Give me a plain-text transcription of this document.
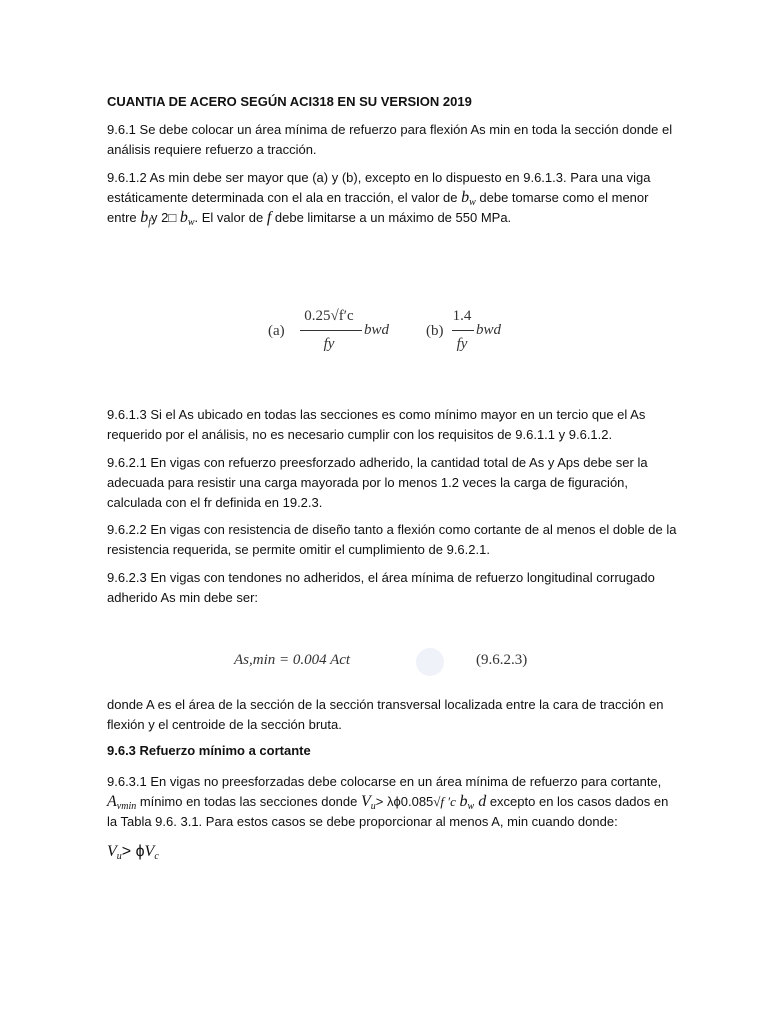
CUANTIA DE ACERO SEGÚN ACI318 EN SU VERSION 2019

9.6.1 Se debe colocar un área mínima de refuerzo para flexión As min en toda la sección donde el análisis requiere refuerzo a tracción.

9.6.1.2 As min debe ser mayor que (a) y (b), excepto en lo dispuesto en 9.6.1.3. Para una viga estáticamente determinada con el ala en tracción, el valor de $b_w$ debe tomarse como el menor entre $b_fy$ 2□ $b_w$. El valor de f debe limitarse a un máximo de 550 MPa.

(a)
0.25√f′c
fy
bwd (b)
1.4
fy
bwd

9.6.1.3 Si el As ubicado en todas las secciones es como mínimo mayor en un tercio que el As requerido por el análisis, no es necesario cumplir con los requisitos de 9.6.1.1 y 9.6.1.2.

9.6.2.1 En vigas con refuerzo preesforzado adherido, la cantidad total de As y Aps debe ser la adecuada para resistir una carga mayorada por lo menos 1.2 veces la carga de figuración, calculada con el fr definida en 19.2.3.

9.6.2.2 En vigas con resistencia de diseño tanto a flexión como cortante de al menos el doble de la resistencia requerida, se permite omitir el cumplimiento de 9.6.2.1.

9.6.2.3 En vigas con tendones no adheridos, el área mínima de refuerzo longitudinal corrugado adherido As min debe ser:

As,min = 0.004 Act	(9.6.2.3)

donde A es el área de la sección de la sección transversal localizada entre la cara de tracción en flexión y el centroide de la sección bruta.

9.6.3 Refuerzo mínimo a cortante

9.6.3.1 En vigas no preesforzadas debe colocarse en un área mínima de refuerzo para cortante,
$A_{vmin}$ mínimo en todas las secciones donde $V_u> \lambda\phi 0.085√f$ ′c $b_w$ d excepto en los casos dados en la Tabla 9.6. 3.1. Para estos casos se debe proporcionar al menos A, min cuando donde:

$V_u> \phi V_c$
